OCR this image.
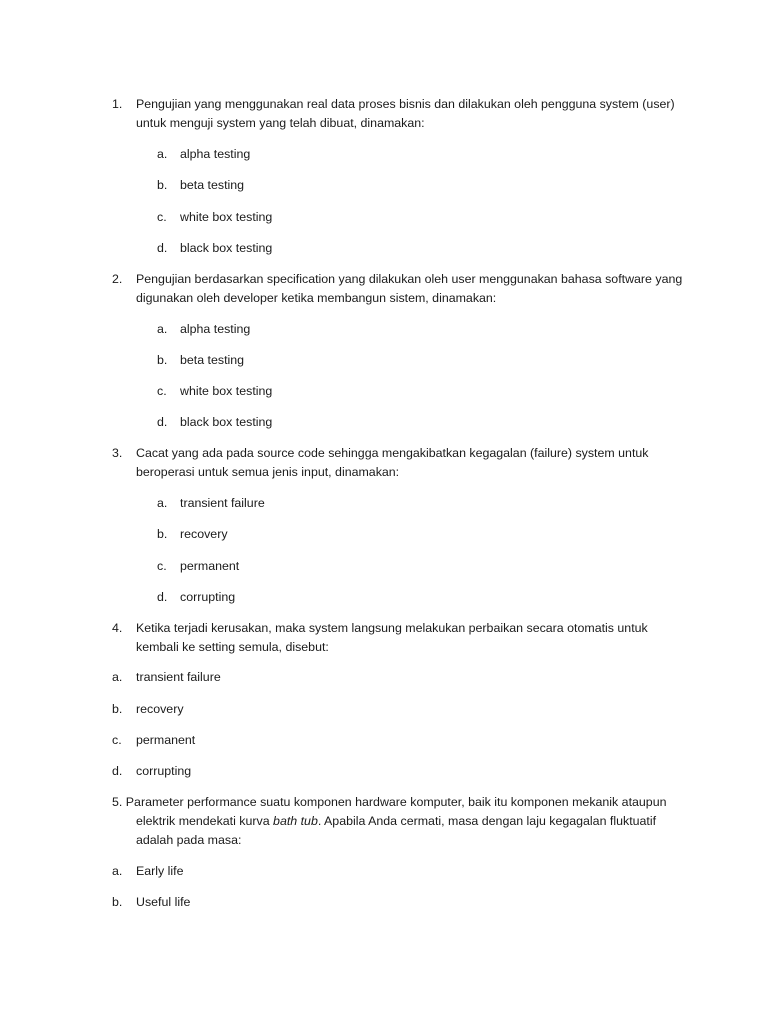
1.	Pengujian yang menggunakan real data proses bisnis dan dilakukan oleh pengguna system (user) untuk menguji system yang telah dibuat, dinamakan:
a. alpha testing
b. beta testing
c. white box testing
d. black box testing
2.	Pengujian berdasarkan specification yang dilakukan oleh user menggunakan bahasa software yang digunakan oleh developer ketika membangun sistem, dinamakan:
a. alpha testing
b. beta testing
c. white box testing
d. black box testing
3.	Cacat yang ada pada source code sehingga mengakibatkan kegagalan (failure) system untuk beroperasi untuk semua jenis input, dinamakan:
a. transient failure
b. recovery
c. permanent
d. corrupting
4.	Ketika terjadi kerusakan, maka system langsung melakukan perbaikan secara otomatis untuk kembali ke setting semula, disebut:
a. transient failure
b. recovery
c. permanent
d. corrupting

5. Parameter performance suatu komponen hardware komputer, baik itu komponen mekanik ataupun elektrik mendekati kurva bath tub. Apabila Anda cermati, masa dengan laju kegagalan fluktuatif adalah pada masa:

a. Early life
b. Useful life
